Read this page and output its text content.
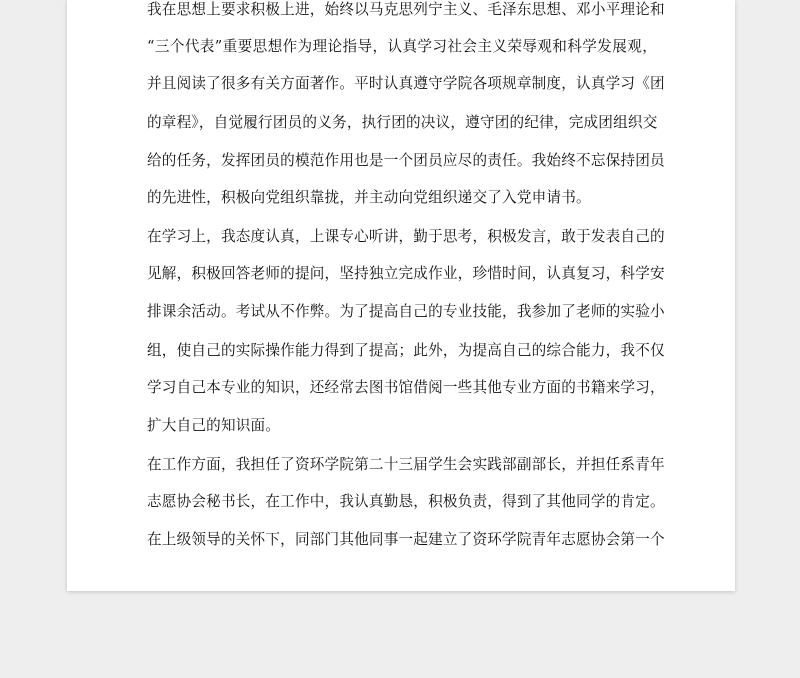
我在思想上要求积极上进，始终以马克思列宁主义、毛泽东思想、邓小平理论和
“三个代表”重要思想作为理论指导，认真学习社会主义荣辱观和科学发展观，
并且阅读了很多有关方面著作。平时认真遵守学院各项规章制度，认真学习《团
的章程》，自觉履行团员的义务，执行团的决议，遵守团的纪律，完成团组织交
给的任务，发挥团员的模范作用也是一个团员应尽的责任。我始终不忘保持团员
的先进性，积极向党组织靠拢，并主动向党组织递交了入党申请书。
在学习上，我态度认真，上课专心听讲，勤于思考，积极发言，敢于发表自己的
见解，积极回答老师的提问，坚持独立完成作业，珍惜时间，认真复习，科学安
排课余活动。考试从不作弊。为了提高自己的专业技能，我参加了老师的实验小
组，使自己的实际操作能力得到了提高；此外，为提高自己的综合能力，我不仅
学习自己本专业的知识，还经常去图书馆借阅一些其他专业方面的书籍来学习，
扩大自己的知识面。
在工作方面，我担任了资环学院第二十三届学生会实践部副部长，并担任系青年
志愿协会秘书长，在工作中，我认真勤恳，积极负责，得到了其他同学的肯定。
在上级领导的关怀下，同部门其他同事一起建立了资环学院青年志愿协会第一个
